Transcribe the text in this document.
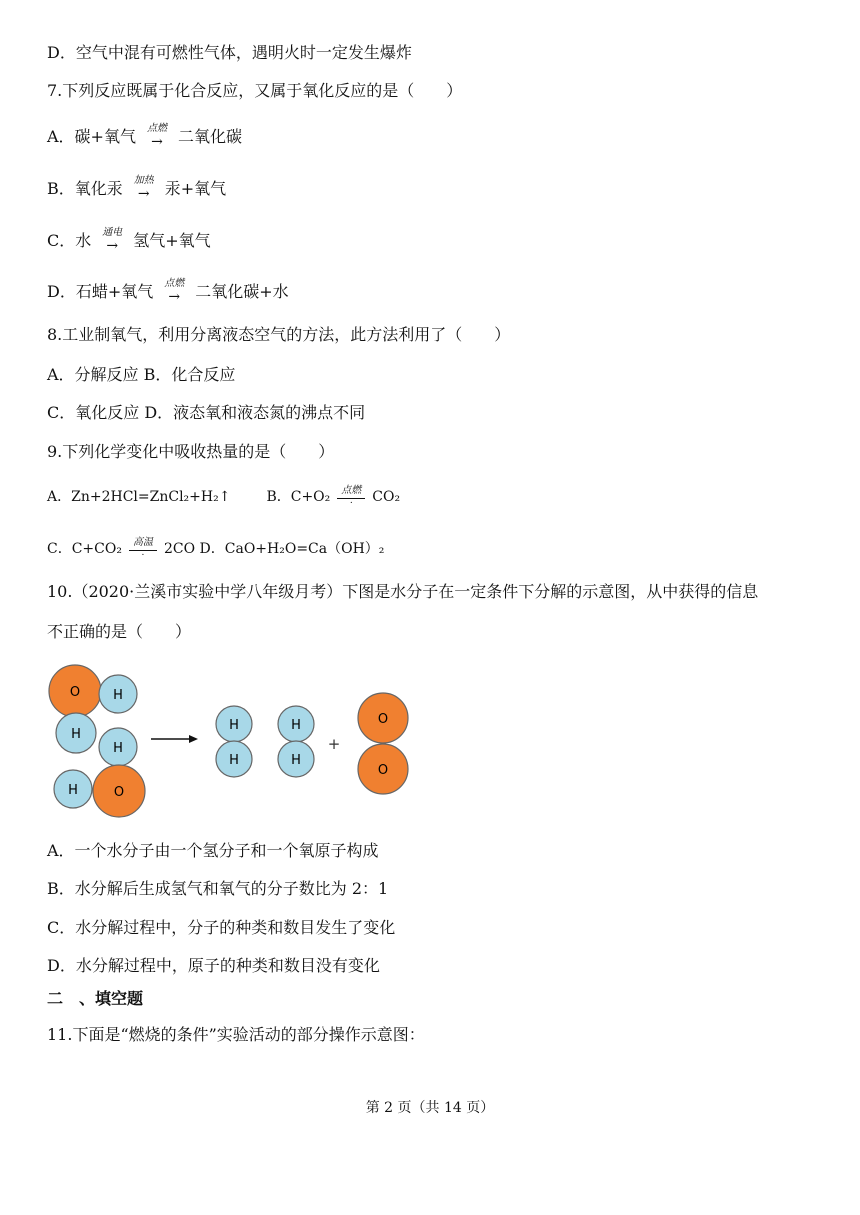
D．空气中混有可燃性气体，遇明火时一定发生爆炸
7.下列反应既属于化合反应，又属于氧化反应的是（　　）
A．碳+氧气	点燃
→ 二氧化碳
B．氧化汞	加热
→ 汞+氧气
C．水	通电
→ 氢气+氧气
D．石蜡+氧气	点燃
→ 二氧化碳+水
8.工业制氧气，利用分离液态空气的方法，此方法利用了（　　）
A．分解反应 B．化合反应
C．氧化反应 D．液态氧和液态氮的沸点不同
9.下列化学变化中吸收热量的是（　　）
A．Zn+2HCl=ZnCl₂+H₂↑	B．C+O₂	点燃
.	CO₂
C．C+CO₂	高温
.	2CO D．CaO+H₂O=Ca（OH）₂
10.（2020·兰溪市实验中学八年级月考）下图是水分子在一定条件下分解的示意图，从中获得的信息
不正确的是（　　）
O	H
H
H
H	O
H
H
H
H
+
O
O
A．一个水分子由一个氢分子和一个氧原子构成
B．水分解后生成氢气和氧气的分子数比为 2：1
C．水分解过程中，分子的种类和数目发生了变化
D．水分解过程中，原子的种类和数目没有变化
二　、填空题
11.下面是“燃烧的条件”实验活动的部分操作示意图：
第 2 页（共 14 页）
